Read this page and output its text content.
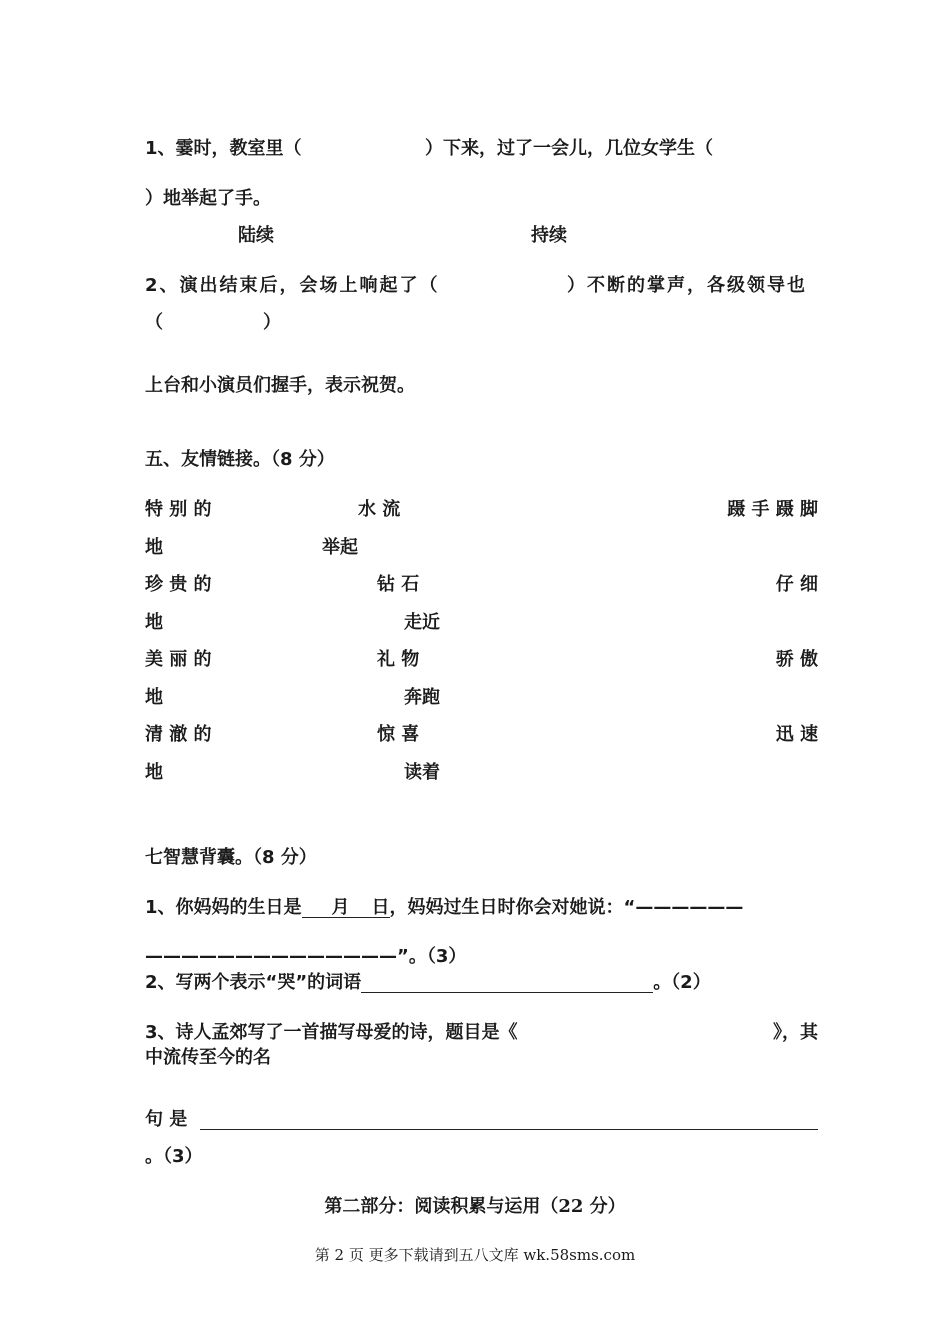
1、霎时，教室里（	）下来，过了一会儿，几位女学生（
）地举起了手。
陆续	持续
2、演出结束后，会场上响起了（	）不断的掌声，各级领导也
（	）
上台和小演员们握手，表示祝贺。
五、友情链接。（8 分）
特 别 的	水 流	蹑 手 蹑 脚
地	举起
珍 贵 的	钻 石	仔 细
地	走近
美 丽 的	礼 物	骄 傲
地	奔跑
清 澈 的	惊 喜	迅 速
地	读着
七智慧背囊。（8 分）
1、你妈妈的生日是 月 日，妈妈过生日时你会对她说：“——————
——————————————”。（3）
2、写两个表示“哭”的词语	。（2）
3、诗人孟郊写了一首描写母爱的诗，题目是《	》，其
中流传至今的名
句 是
。（3）
第二部分：阅读积累与运用（22 分）
第 2 页 更多下载请到五八文库 wk.58sms.com
